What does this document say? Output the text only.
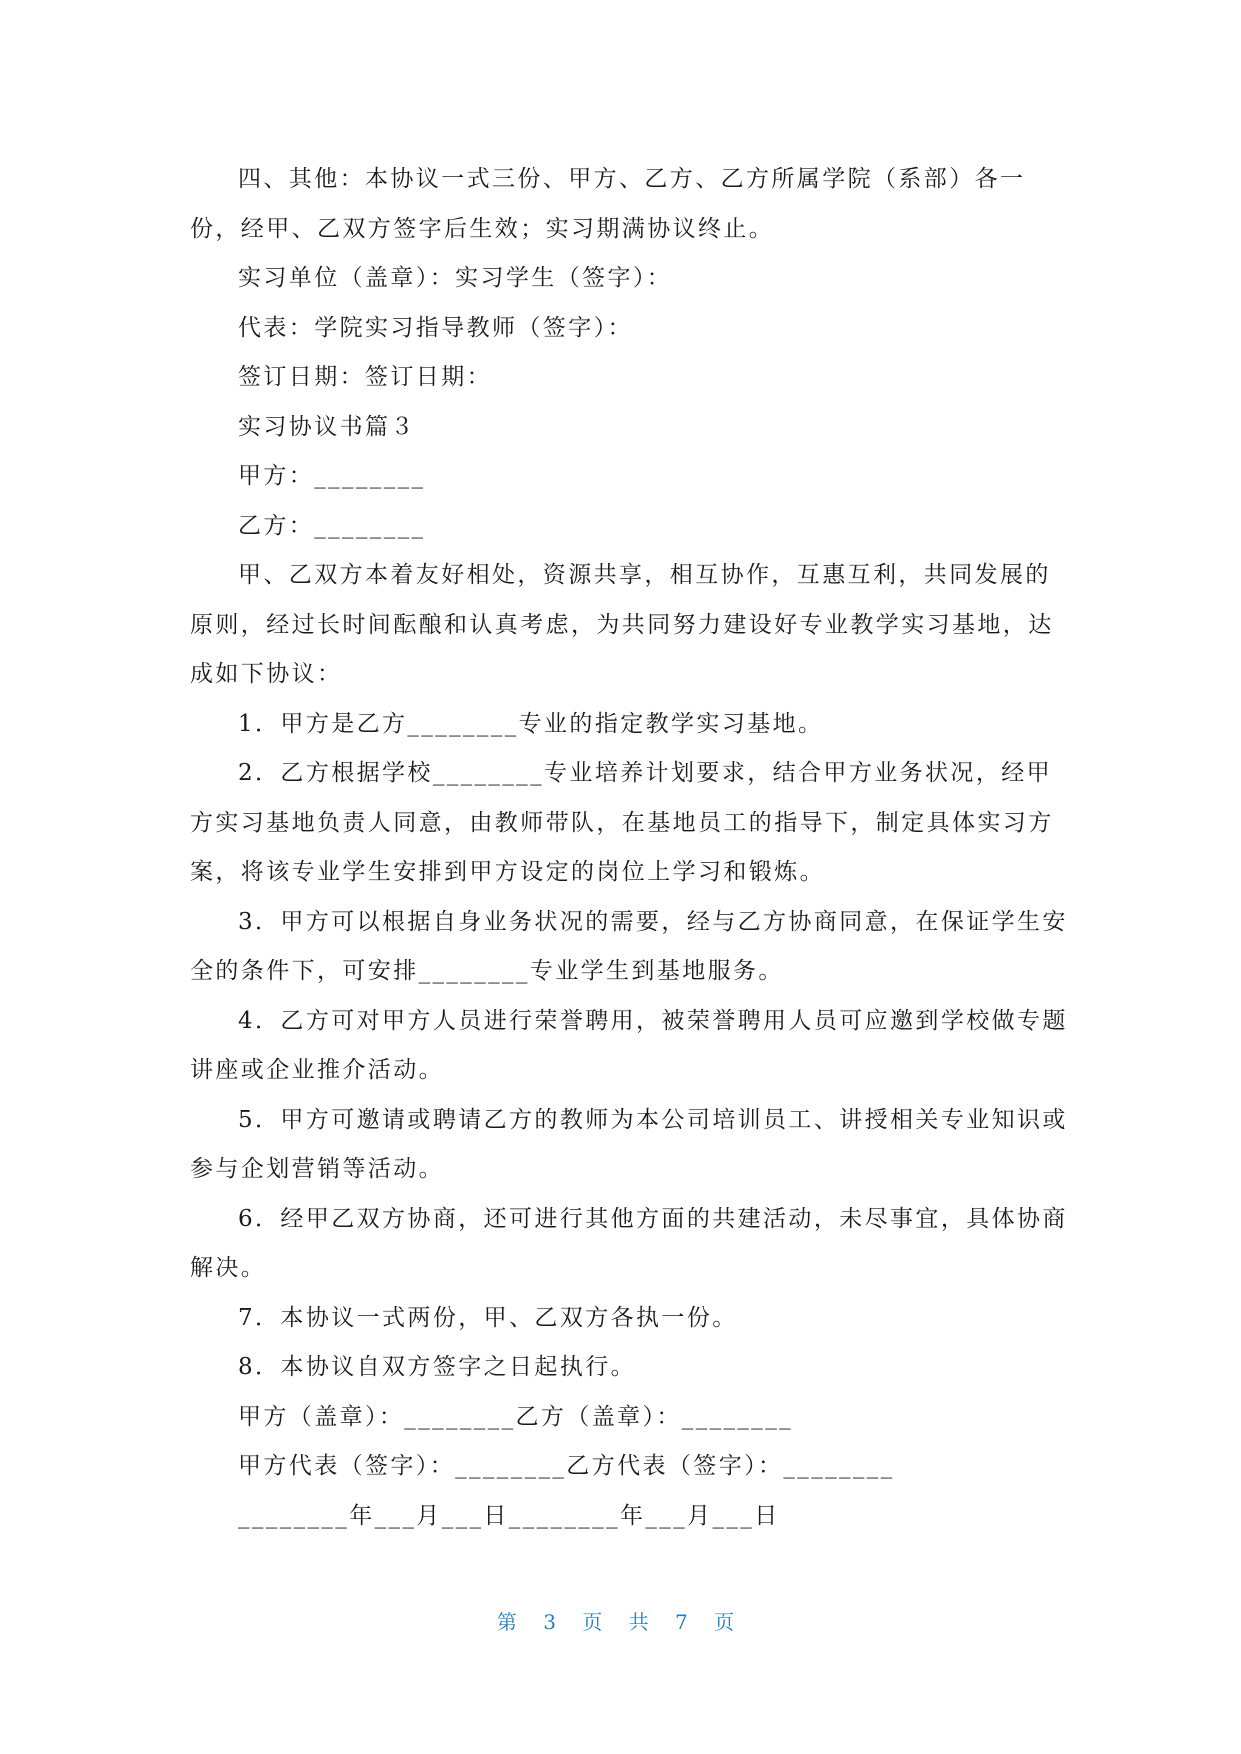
四、其他：本协议一式三份、甲方、乙方、乙方所属学院（系部）各一
份，经甲、乙双方签字后生效；实习期满协议终止。
实习单位（盖章）：实习学生（签字）：
代表：学院实习指导教师（签字）：
签订日期：签订日期：
实习协议书篇３
甲方：________
乙方：________
甲、乙双方本着友好相处，资源共享，相互协作，互惠互利，共同发展的
原则，经过长时间酝酿和认真考虑，为共同努力建设好专业教学实习基地，达
成如下协议：
1．甲方是乙方________专业的指定教学实习基地。
2．乙方根据学校________专业培养计划要求，结合甲方业务状况，经甲
方实习基地负责人同意，由教师带队，在基地员工的指导下，制定具体实习方
案，将该专业学生安排到甲方设定的岗位上学习和锻炼。
3．甲方可以根据自身业务状况的需要，经与乙方协商同意，在保证学生安
全的条件下，可安排________专业学生到基地服务。
4．乙方可对甲方人员进行荣誉聘用，被荣誉聘用人员可应邀到学校做专题
讲座或企业推介活动。
5．甲方可邀请或聘请乙方的教师为本公司培训员工、讲授相关专业知识或
参与企划营销等活动。
6．经甲乙双方协商，还可进行其他方面的共建活动，未尽事宜，具体协商
解决。
7．本协议一式两份，甲、乙双方各执一份。
8．本协议自双方签字之日起执行。
甲方（盖章）：________乙方（盖章）：________
甲方代表（签字）：________乙方代表（签字）：________
________年___月___日________年___月___日
第 3 页 共 7 页
